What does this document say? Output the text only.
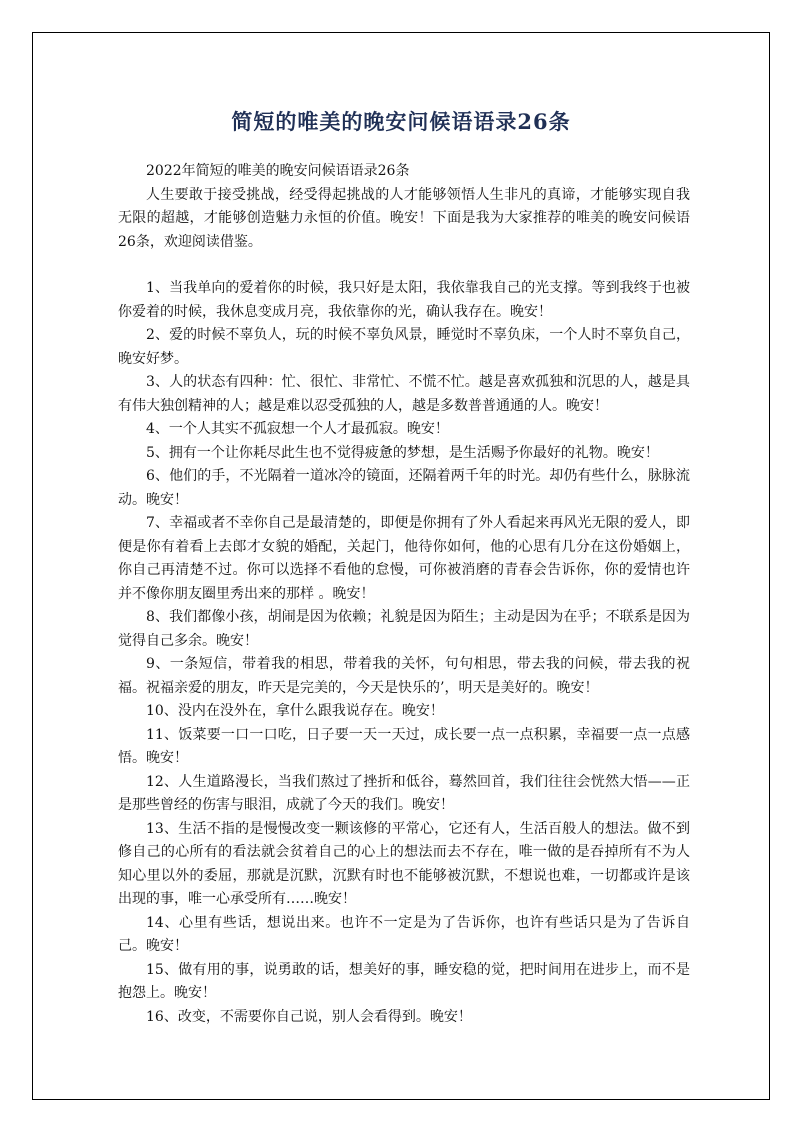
简短的唯美的晚安问候语语录26条

2022年简短的唯美的晚安问候语语录26条

人生要敢于接受挑战，经受得起挑战的人才能够领悟人生非凡的真谛，才能够实现自我无限的超越，才能够创造魅力永恒的价值。晚安！下面是我为大家推荐的唯美的晚安问候语26条，欢迎阅读借鉴。

1、当我单向的爱着你的时候，我只好是太阳，我依靠我自己的光支撑。等到我终于也被你爱着的时候，我休息变成月亮，我依靠你的光，确认我存在。晚安！

2、爱的时候不辜负人，玩的时候不辜负风景，睡觉时不辜负床，一个人时不辜负自己，晚安好梦。

3、人的状态有四种：忙、很忙、非常忙、不慌不忙。越是喜欢孤独和沉思的人，越是具有伟大独创精神的人；越是难以忍受孤独的人，越是多数普普通通的人。晚安！

4、一个人其实不孤寂想一个人才最孤寂。晚安！

5、拥有一个让你耗尽此生也不觉得疲惫的梦想，是生活赐予你最好的礼物。晚安！

6、他们的手，不光隔着一道冰冷的镜面，还隔着两千年的时光。却仍有些什么，脉脉流动。晚安！

7、幸福或者不幸你自己是最清楚的，即便是你拥有了外人看起来再风光无限的爱人，即便是你有着看上去郎才女貌的婚配，关起门，他待你如何，他的心思有几分在这份婚姻上，你自己再清楚不过。你可以选择不看他的怠慢，可你被消磨的青春会告诉你，你的爱情也许并不像你朋友圈里秀出来的那样 。晚安！

8、我们都像小孩，胡闹是因为依赖；礼貌是因为陌生；主动是因为在乎；不联系是因为觉得自己多余。晚安！

9、一条短信，带着我的相思，带着我的关怀，句句相思，带去我的问候，带去我的祝福。祝福亲爱的朋友，昨天是完美的，今天是快乐的’，明天是美好的。晚安！

10、没内在没外在，拿什么跟我说存在。晚安！

11、饭菜要一口一口吃，日子要一天一天过，成长要一点一点积累，幸福要一点一点感悟。晚安！

12、人生道路漫长，当我们熬过了挫折和低谷，蓦然回首，我们往往会恍然大悟——正是那些曾经的伤害与眼泪，成就了今天的我们。晚安！

13、生活不指的是慢慢改变一颗该修的平常心，它还有人，生活百般人的想法。做不到修自己的心所有的看法就会贫着自己的心上的想法而去不存在，唯一做的是吞掉所有不为人知心里以外的委屈，那就是沉默，沉默有时也不能够被沉默，不想说也难，一切都或许是该出现的事，唯一心承受所有……晚安！

14、心里有些话，想说出来。也许不一定是为了告诉你，也许有些话只是为了告诉自己。晚安！

15、做有用的事，说勇敢的话，想美好的事，睡安稳的觉，把时间用在进步上，而不是抱怨上。晚安！

16、改变，不需要你自己说，别人会看得到。晚安！
